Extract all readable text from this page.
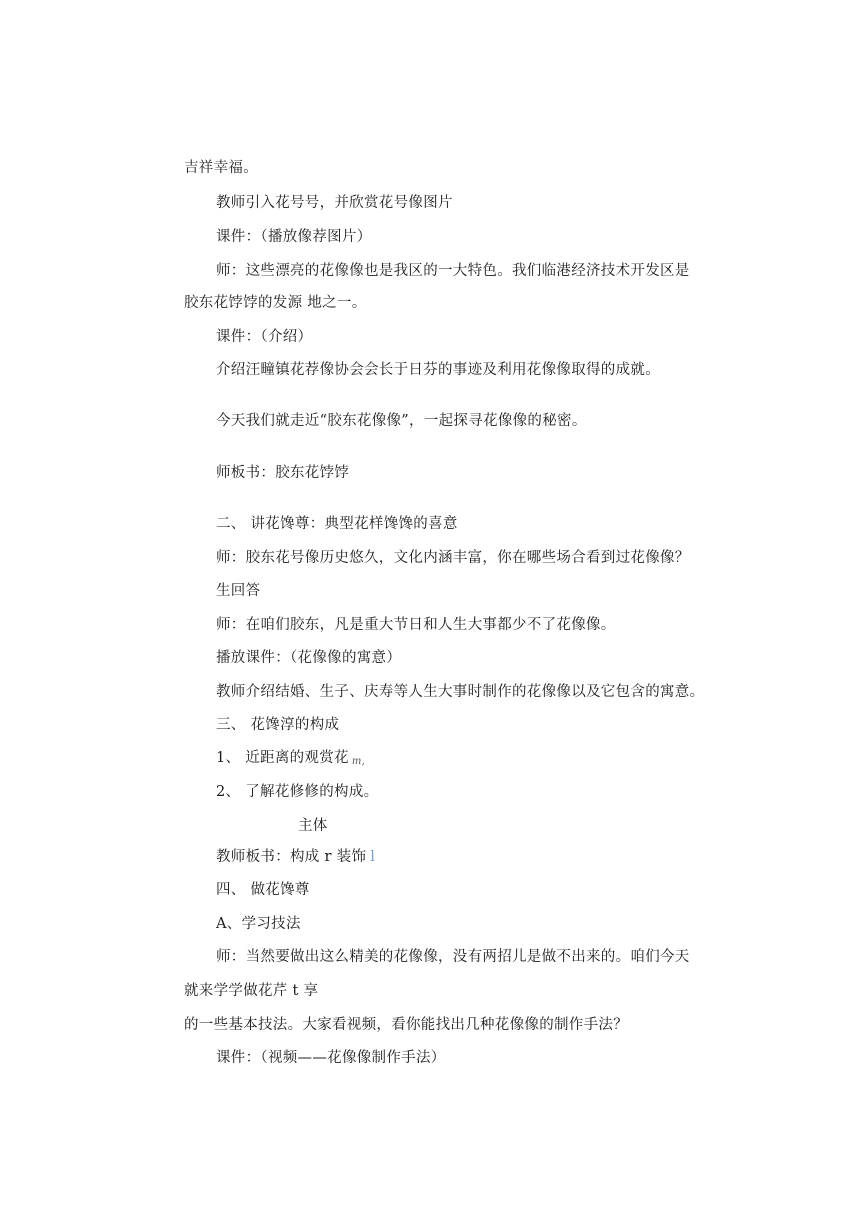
吉祥幸福。
教师引入花号号，并欣赏花号像图片
课件：（播放像荐图片）
师：这些漂亮的花像像也是我区的一大特色。我们临港经济技术开发区是
胶东花饽饽的发源 地之一。
课件：（介绍）
介绍汪疃镇花荐像协会会长于日芬的事迹及利用花像像取得的成就。
今天我们就走近“胶东花像像”，一起探寻花像像的秘密。
师板书：胶东花饽饽
二、 讲花馋尊：典型花样馋馋的喜意
师：胶东花号像历史悠久，文化内涵丰富，你在哪些场合看到过花像像？
生回答
师：在咱们胶东，凡是重大节日和人生大事都少不了花像像。
播放课件：（花像像的寓意）
教师介绍结婚、生子、庆寿等人生大事时制作的花像像以及它包含的寓意。
三、 花馋淳的构成
1、 近距离的观赏花 $_{m,}$
2、 了解花修修的构成。
主体
教师板书：构成 r 装饰 l
四、 做花馋尊
A、学习技法
师：当然要做出这么精美的花像像，没有两招儿是做不出来的。咱们今天
就来学学做花芹 t 享
的一些基本技法。大家看视频，看你能找出几种花像像的制作手法？
课件：（视频——花像像制作手法）
